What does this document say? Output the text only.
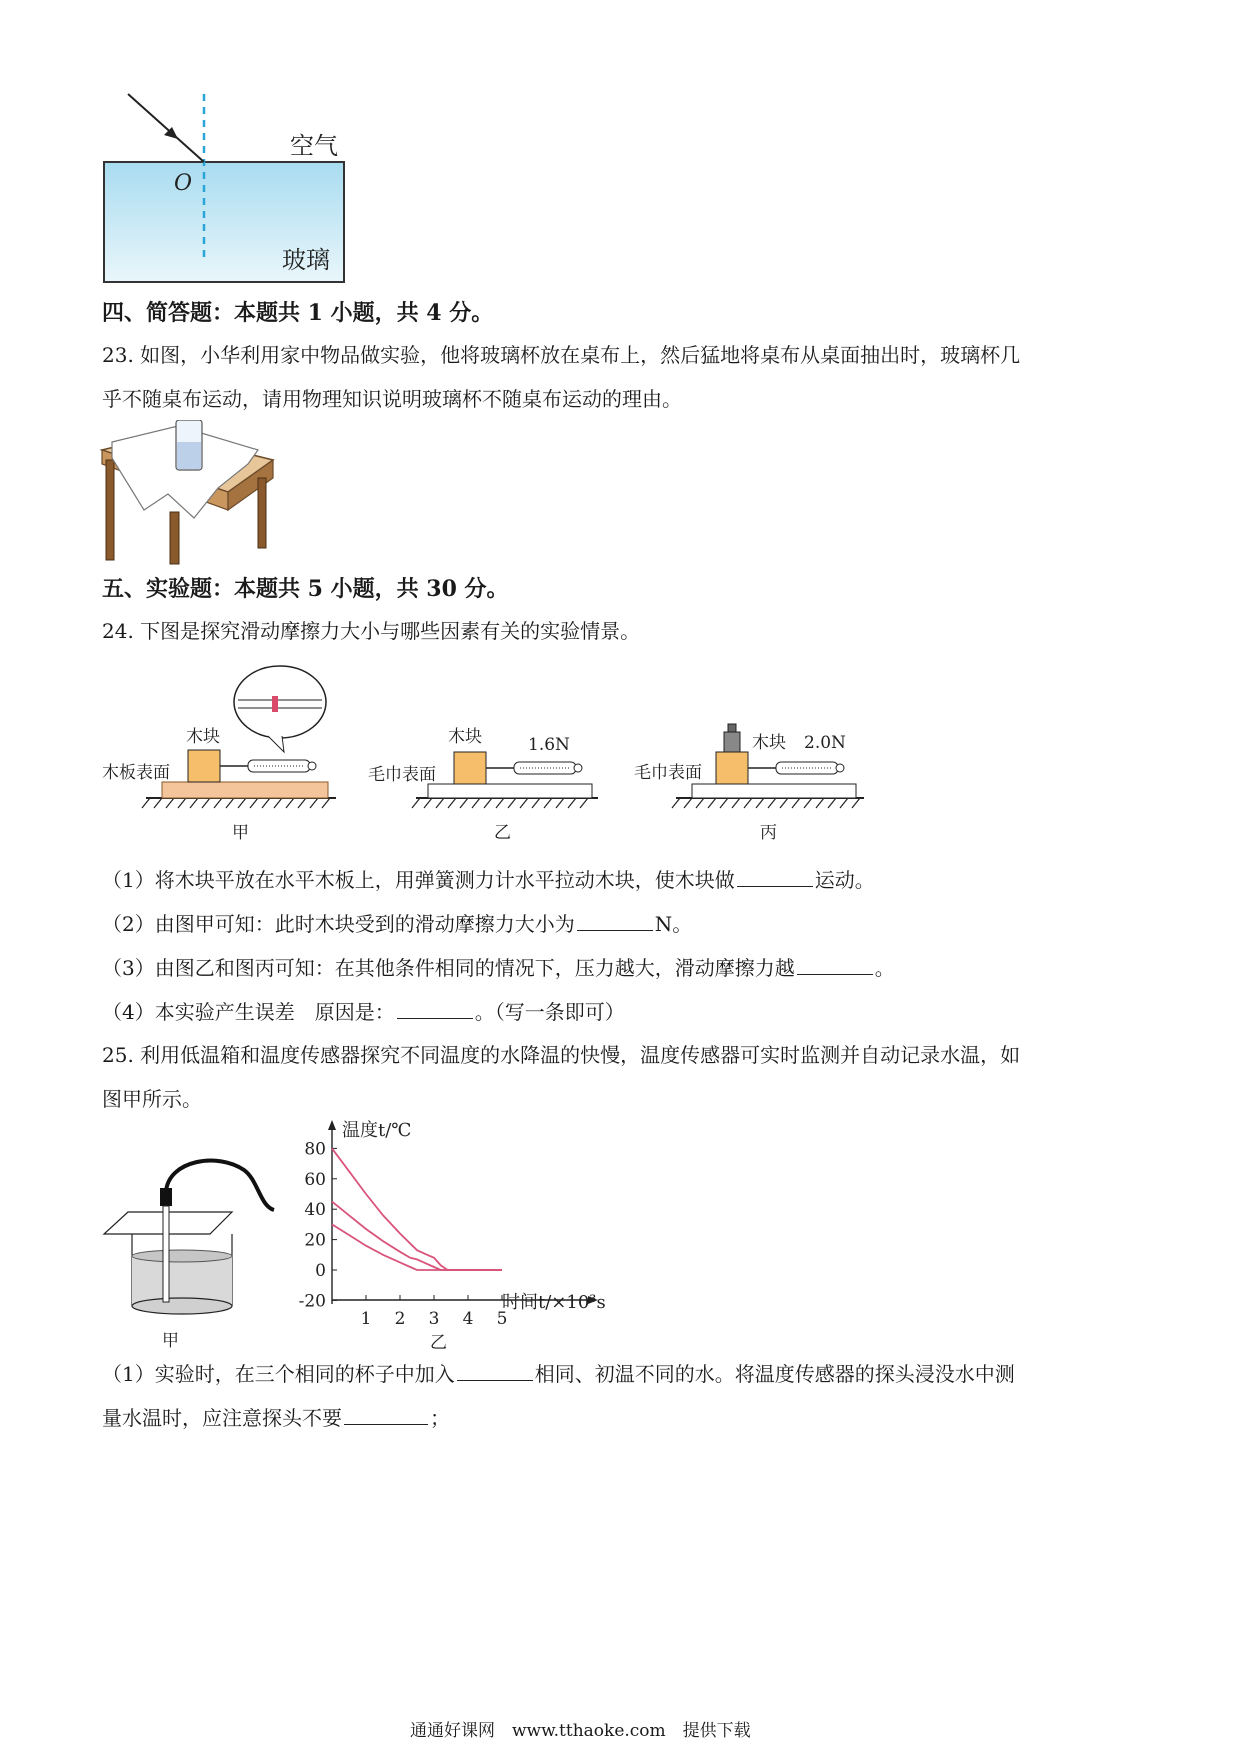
O
空气
玻璃
四、简答题：本题共 1 小题，共 4 分。
23. 如图，小华利用家中物品做实验，他将玻璃杯放在桌布上，然后猛地将桌布从桌面抽出时，玻璃杯几
乎不随桌布运动，请用物理知识说明玻璃杯不随桌布运动的理由。
五、实验题：本题共 5 小题，共 30 分。
24. 下图是探究滑动摩擦力大小与哪些因素有关的实验情景。
木块
木板表面
甲
木块	1.6N
毛巾表面
乙
木块 2.0N
毛巾表面
丙
（1）将木块平放在水平木板上，用弹簧测力计水平拉动木块，使木块做	运动。
（2）由图甲可知：此时木块受到的滑动摩擦力大小为	N。
（3）由图乙和图丙可知：在其他条件相同的情况下，压力越大，滑动摩擦力越	。
（4）本实验产生误差　原因是：	。（写一条即可）
25. 利用低温箱和温度传感器探究不同温度的水降温的快慢，温度传感器可实时监测并自动记录水温，如
图甲所示。
甲
80
60
40
20
0
-20
1 2 3 4 5
温度t/℃
时间t/×10³s
乙
（1）实验时，在三个相同的杯子中加入	相同、初温不同的水。将温度传感器的探头浸没水中测
量水温时，应注意探头不要	；
通通好课网　www.tthaoke.com　提供下载
